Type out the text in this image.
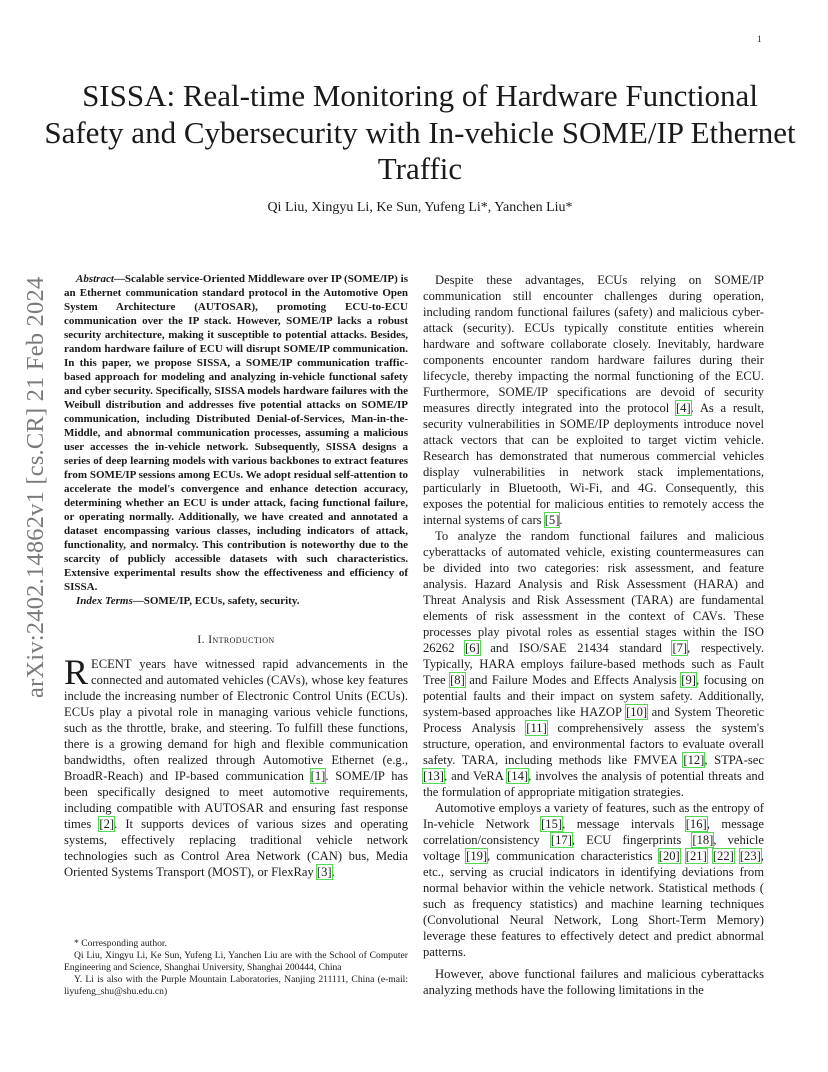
1
arXiv:2402.14862v1 [cs.CR] 21 Feb 2024
SISSA: Real-time Monitoring of Hardware Functional Safety and Cybersecurity with In-vehicle SOME/IP Ethernet Traffic
Qi Liu, Xingyu Li, Ke Sun, Yufeng Li*, Yanchen Liu*

Abstract—Scalable service-Oriented Middleware over IP (SOME/IP) is an Ethernet communication standard protocol in the Automotive Open System Architecture (AUTOSAR), promoting ECU-to-ECU communication over the IP stack. However, SOME/IP lacks a robust security architecture, making it susceptible to potential attacks. Besides, random hardware failure of ECU will disrupt SOME/IP communication. In this paper, we propose SISSA, a SOME/IP communication traffic-based approach for modeling and analyzing in-vehicle functional safety and cyber security. Specifically, SISSA models hardware failures with the Weibull distribution and addresses five potential attacks on SOME/IP communication, including Distributed Denial-of-Services, Man-in-the-Middle, and abnormal communication processes, assuming a malicious user accesses the in-vehicle network. Subsequently, SISSA designs a series of deep learning models with various backbones to extract features from SOME/IP sessions among ECUs. We adopt residual self-attention to accelerate the model's convergence and enhance detection accuracy, determining whether an ECU is under attack, facing functional failure, or operating normally. Additionally, we have created and annotated a dataset encompassing various classes, including indicators of attack, functionality, and normalcy. This contribution is noteworthy due to the scarcity of publicly accessible datasets with such characteristics. Extensive experimental results show the effectiveness and efficiency of SISSA.

Index Terms—SOME/IP, ECUs, safety, security.

I. Introduction

RECENT years have witnessed rapid advancements in the connected and automated vehicles (CAVs), whose key features include the increasing number of Electronic Control Units (ECUs). ECUs play a pivotal role in managing various vehicle functions, such as the throttle, brake, and steering. To fulfill these functions, there is a growing demand for high and flexible communication bandwidths, often realized through Automotive Ethernet (e.g., BroadR-Reach) and IP-based communication [1]. SOME/IP has been specifically designed to meet automotive requirements, including compatible with AUTOSAR and ensuring fast response times [2]. It supports devices of various sizes and operating systems, effectively replacing traditional vehicle network technologies such as Control Area Network (CAN) bus, Media Oriented Systems Transport (MOST), or FlexRay [3].

* Corresponding author.

Qi Liu, Xingyu Li, Ke Sun, Yufeng Li, Yanchen Liu are with the School of Computer Engineering and Science, Shanghai University, Shanghai 200444, China

Y. Li is also with the Purple Mountain Laboratories, Nanjing 211111, China (e-mail: liyufeng_shu@shu.edu.cn)

Despite these advantages, ECUs relying on SOME/IP communication still encounter challenges during operation, including random functional failures (safety) and malicious cyber-attack (security). ECUs typically constitute entities wherein hardware and software collaborate closely. Inevitably, hardware components encounter random hardware failures during their lifecycle, thereby impacting the normal functioning of the ECU. Furthermore, SOME/IP specifications are devoid of security measures directly integrated into the protocol [4]. As a result, security vulnerabilities in SOME/IP deployments introduce novel attack vectors that can be exploited to target victim vehicle. Research has demonstrated that numerous commercial vehicles display vulnerabilities in network stack implementations, particularly in Bluetooth, Wi-Fi, and 4G. Consequently, this exposes the potential for malicious entities to remotely access the internal systems of cars [5].

To analyze the random functional failures and malicious cyberattacks of automated vehicle, existing countermeasures can be divided into two categories: risk assessment, and feature analysis. Hazard Analysis and Risk Assessment (HARA) and Threat Analysis and Risk Assessment (TARA) are fundamental elements of risk assessment in the context of CAVs. These processes play pivotal roles as essential stages within the ISO 26262 [6] and ISO/SAE 21434 standard [7], respectively. Typically, HARA employs failure-based methods such as Fault Tree [8] and Failure Modes and Effects Analysis [9], focusing on potential faults and their impact on system safety. Additionally, system-based approaches like HAZOP [10] and System Theoretic Process Analysis [11] comprehensively assess the system's structure, operation, and environmental factors to evaluate overall safety. TARA, including methods like FMVEA [12], STPA-sec [13], and VeRA [14], involves the analysis of potential threats and the formulation of appropriate mitigation strategies.

Automotive employs a variety of features, such as the entropy of In-vehicle Network [15], message intervals [16], message correlation/consistency [17], ECU fingerprints [18], vehicle voltage [19], communication characteristics [20] [21] [22] [23], etc., serving as crucial indicators in identifying deviations from normal behavior within the vehicle network. Statistical methods ( such as frequency statistics) and machine learning techniques (Convolutional Neural Network, Long Short-Term Memory) leverage these features to effectively detect and predict abnormal patterns.

However, above functional failures and malicious cyberattacks analyzing methods have the following limitations in the
